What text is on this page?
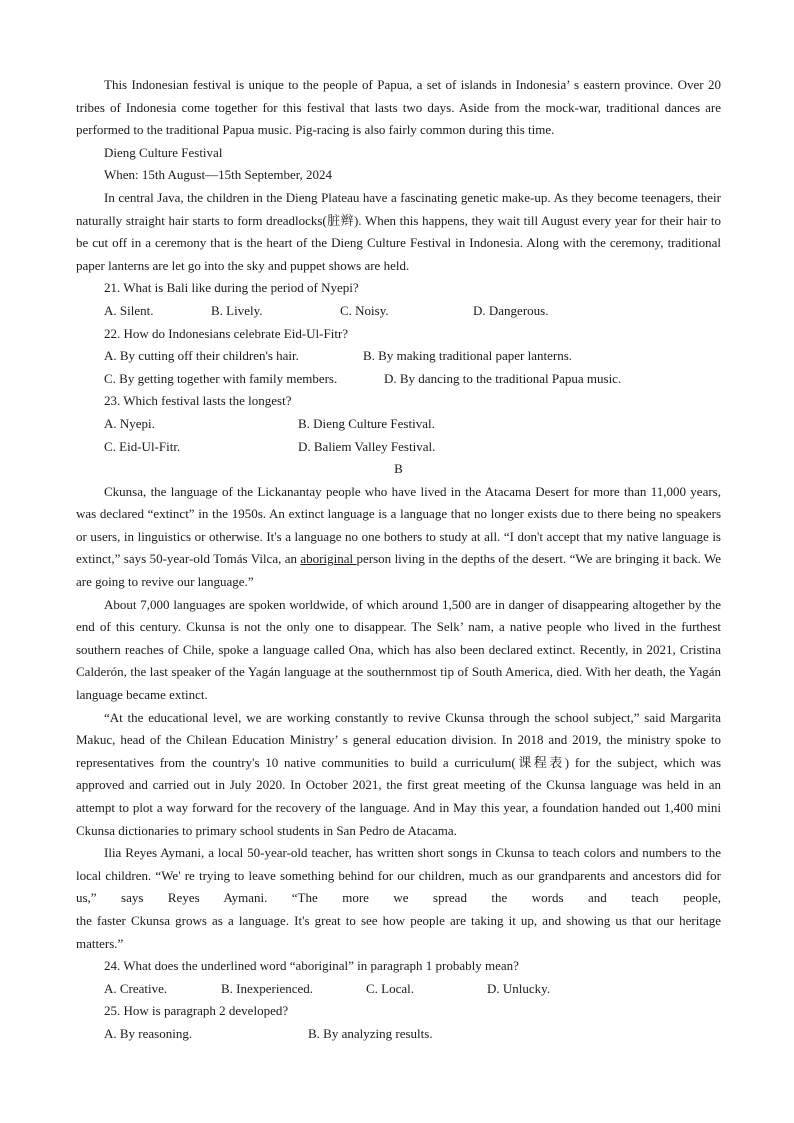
This Indonesian festival is unique to the people of Papua, a set of islands in Indonesia’ s eastern province. Over 20 tribes of Indonesia come together for this festival that lasts two days. Aside from the mock-war, traditional dances are performed to the traditional Papua music. Pig-racing is also fairly common during this time.

Dieng Culture Festival

When: 15th August—15th September, 2024

In central Java, the children in the Dieng Plateau have a fascinating genetic make-up. As they become teenagers, their naturally straight hair starts to form dreadlocks(脏辫). When this happens, they wait till August every year for their hair to be cut off in a ceremony that is the heart of the Dieng Culture Festival in Indonesia. Along with the ceremony, traditional paper lanterns are let go into the sky and puppet shows are held.

21. What is Bali like during the period of Nyepi?

A. Silent.	B. Lively.	C. Noisy.	D. Dangerous.

22. How do Indonesians celebrate Eid-Ul-Fitr?

A. By cutting off their children's hair.	B. By making traditional paper lanterns.
C. By getting together with family members.	D. By dancing to the traditional Papua music.

23. Which festival lasts the longest?

A. Nyepi.	B. Dieng Culture Festival.
C. Eid-Ul-Fitr.	D. Baliem Valley Festival.

B

Ckunsa, the language of the Lickanantay people who have lived in the Atacama Desert for more than 11,000 years, was declared “extinct” in the 1950s. An extinct language is a language that no longer exists due to there being no speakers or users, in linguistics or otherwise. It's a language no one bothers to study at all. “I don't accept that my native language is extinct,” says 50-year-old Tomás Vilca, an aboriginal person living in the depths of the desert. “We are bringing it back. We are going to revive our language.”

About 7,000 languages are spoken worldwide, of which around 1,500 are in danger of disappearing altogether by the end of this century. Ckunsa is not the only one to disappear. The Selk’ nam, a native people who lived in the furthest southern reaches of Chile, spoke a language called Ona, which has also been declared extinct. Recently, in 2021, Cristina Calderón, the last speaker of the Yagán language at the southernmost tip of South America, died. With her death, the Yagán language became extinct.

“At the educational level, we are working constantly to revive Ckunsa through the school subject,” said Margarita Makuc, head of the Chilean Education Ministry’ s general education division. In 2018 and 2019, the ministry spoke to representatives from the country's 10 native communities to build a curriculum(课程表) for the subject, which was approved and carried out in July 2020. In October 2021, the first great meeting of the Ckunsa language was held in an attempt to plot a way forward for the recovery of the language. And in May this year, a foundation handed out 1,400 mini Ckunsa dictionaries to primary school students in San Pedro de Atacama.

Ilia Reyes Aymani, a local 50-year-old teacher, has written short songs in Ckunsa to teach colors and numbers to the local children. “We' re trying to leave something behind for our children, much as our grandparents and ancestors did for us,” says Reyes Aymani. “The more we spread the words and teach people,

the faster Ckunsa grows as a language. It's great to see how people are taking it up, and showing us that our heritage matters.”

24. What does the underlined word “aboriginal” in paragraph 1 probably mean?

A. Creative.	B. Inexperienced.	C. Local.	D. Unlucky.

25. How is paragraph 2 developed?

A. By reasoning.	B. By analyzing results.
